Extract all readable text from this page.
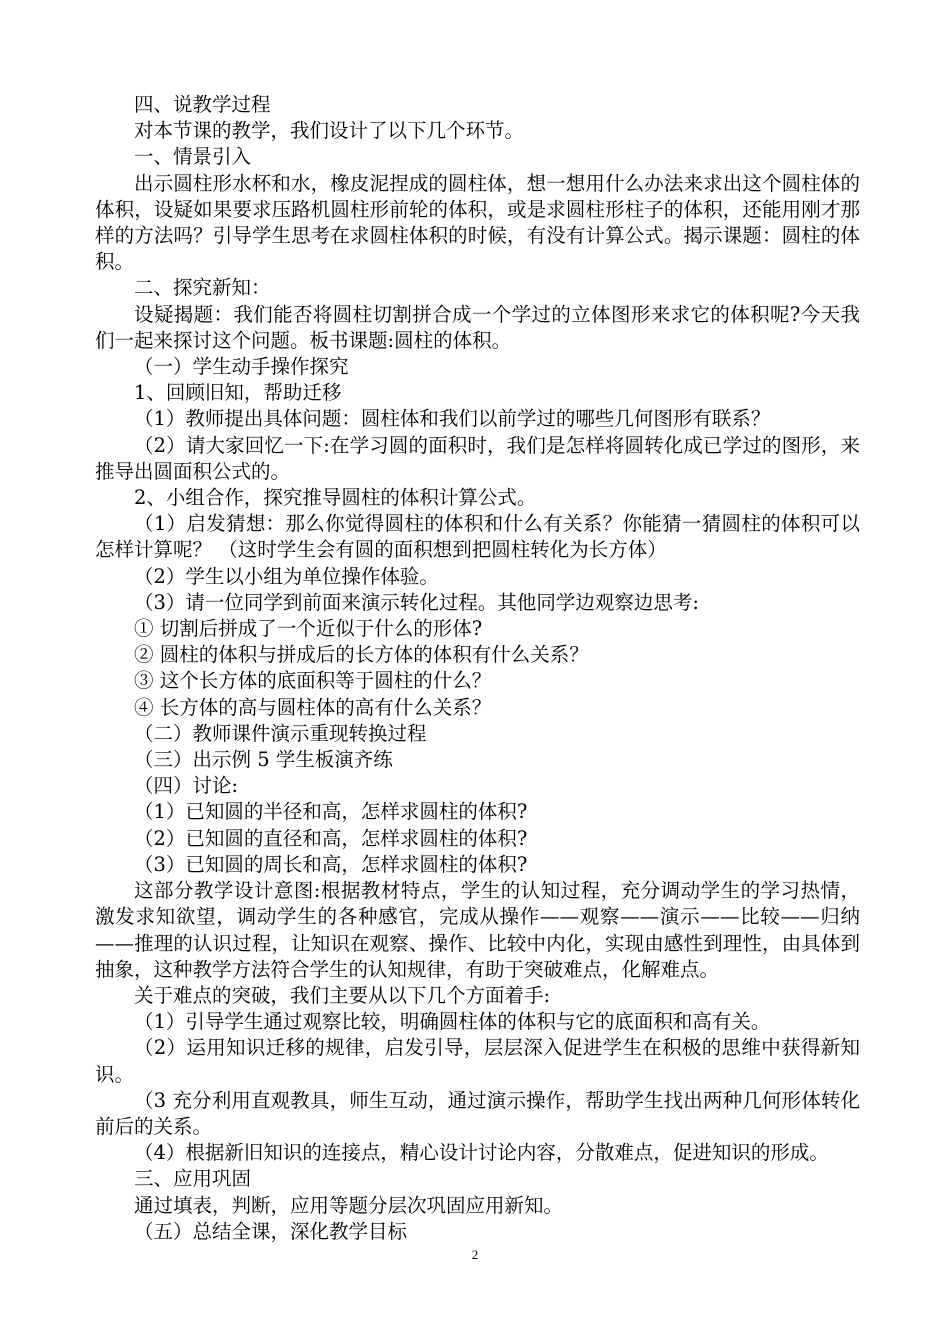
四、说教学过程

对本节课的教学，我们设计了以下几个环节。

一、情景引入

出示圆柱形水杯和水，橡皮泥捏成的圆柱体，想一想用什么办法来求出这个圆柱体的体积，设疑如果要求压路机圆柱形前轮的体积，或是求圆柱形柱子的体积，还能用刚才那样的方法吗？引导学生思考在求圆柱体积的时候，有没有计算公式。揭示课题：圆柱的体积。

二、探究新知：

设疑揭题：我们能否将圆柱切割拼合成一个学过的立体图形来求它的体积呢?今天我们一起来探讨这个问题。板书课题:圆柱的体积。

（一）学生动手操作探究

1、回顾旧知，帮助迁移

（1）教师提出具体问题：圆柱体和我们以前学过的哪些几何图形有联系？

（2）请大家回忆一下:在学习圆的面积时，我们是怎样将圆转化成已学过的图形，来推导出圆面积公式的。

2、小组合作，探究推导圆柱的体积计算公式。

（1）启发猜想：那么你觉得圆柱的体积和什么有关系？你能猜一猜圆柱的体积可以怎样计算呢？ （这时学生会有圆的面积想到把圆柱转化为长方体）

（2）学生以小组为单位操作体验。

（3）请一位同学到前面来演示转化过程。其他同学边观察边思考:

① 切割后拼成了一个近似于什么的形体?

② 圆柱的体积与拼成后的长方体的体积有什么关系？

③ 这个长方体的底面积等于圆柱的什么？

④ 长方体的高与圆柱体的高有什么关系？

（二）教师课件演示重现转换过程

（三）出示例 5 学生板演齐练

（四）讨论:

（1）已知圆的半径和高，怎样求圆柱的体积?

（2）已知圆的直径和高，怎样求圆柱的体积?

（3）已知圆的周长和高，怎样求圆柱的体积?

这部分教学设计意图:根据教材特点，学生的认知过程，充分调动学生的学习热情，激发求知欲望，调动学生的各种感官，完成从操作——观察——演示——比较——归纳——推理的认识过程，让知识在观察、操作、比较中内化，实现由感性到理性，由具体到抽象，这种教学方法符合学生的认知规律，有助于突破难点，化解难点。

关于难点的突破，我们主要从以下几个方面着手:

（1）引导学生通过观察比较，明确圆柱体的体积与它的底面积和高有关。

（2）运用知识迁移的规律，启发引导，层层深入促进学生在积极的思维中获得新知识。

（3 充分利用直观教具，师生互动，通过演示操作，帮助学生找出两种几何形体转化前后的关系。

（4）根据新旧知识的连接点，精心设计讨论内容，分散难点，促进知识的形成。

三、应用巩固

通过填表，判断，应用等题分层次巩固应用新知。

（五）总结全课，深化教学目标

2
